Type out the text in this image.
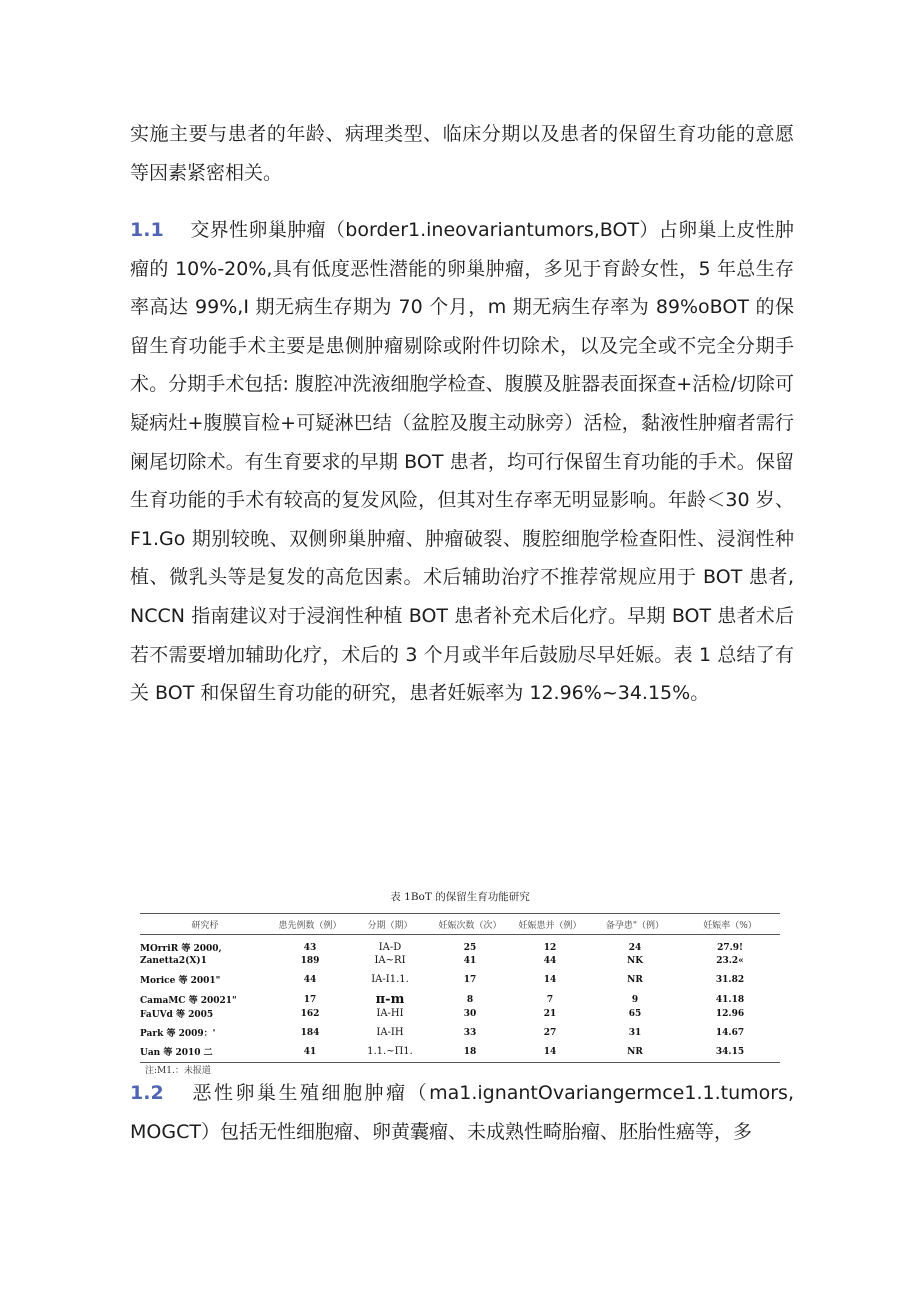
实施主要与患者的年龄、病理类型、临床分期以及患者的保留生育功能的意愿等因素紧密相关。

1.1 交界性卵巢肿瘤（border1.ineovariantumors,BOT）占卵巢上皮性肿瘤的 10%-20%,具有低度恶性潜能的卵巢肿瘤，多见于育龄女性，5 年总生存率高达 99%,I 期无病生存期为 70 个月，m 期无病生存率为 89%oBOT 的保留生育功能手术主要是患侧肿瘤剔除或附件切除术，以及完全或不完全分期手术。分期手术包括: 腹腔冲洗液细胞学检查、腹膜及脏器表面探查+活检/切除可疑病灶+腹膜盲检+可疑淋巴结（盆腔及腹主动脉旁）活检，黏液性肿瘤者需行阑尾切除术。有生育要求的早期 BOT 患者，均可行保留生育功能的手术。保留生育功能的手术有较高的复发风险，但其对生存率无明显影响。年龄＜30 岁、F1.Go 期别较晚、双侧卵巢肿瘤、肿瘤破裂、腹腔细胞学检查阳性、浸润性种植、微乳头等是复发的高危因素。术后辅助治疗不推荐常规应用于 BOT 患者, NCCN 指南建议对于浸润性种植 BOT 患者补充术后化疗。早期 BOT 患者术后若不需要增加辅助化疗，术后的 3 个月或半年后鼓励尽早妊娠。表 1 总结了有关 BOT 和保留生育功能的研究，患者妊娠率为 12.96%~34.15%。

表 1BoT 的保留生育功能研究

研究杼	患先例数（例）	分期（期）	妊娠次数（次）	妊娠患并（例）	备孕患"（例）	妊娠率（%）
MOrriR 等 2000,	43	IA-D	25	12	24	27.9!
Zanetta2(X)1	189	IA~RI	41	44	NK	23.2«
Morice 等 2001"	44	IA-I1.1.	17	14	NR	31.82
CamaMC 等 20021"	17	π-m	8	7	9	41.18
FaUVd 等 2005	162	IA-HI	30	21	65	12.96
Park 等 2009：'	184	IA-IH	33	27	31	14.67
Uan 等 2010 二	41	1.1.~П1.	18	14	NR	34.15

注:M1.：未报道

1.2 恶性卵巢生殖细胞肿瘤（ma1.ignantOvariangermce1.1.tumors, MOGCT）包括无性细胞瘤、卵黄囊瘤、未成熟性畸胎瘤、胚胎性癌等，多
